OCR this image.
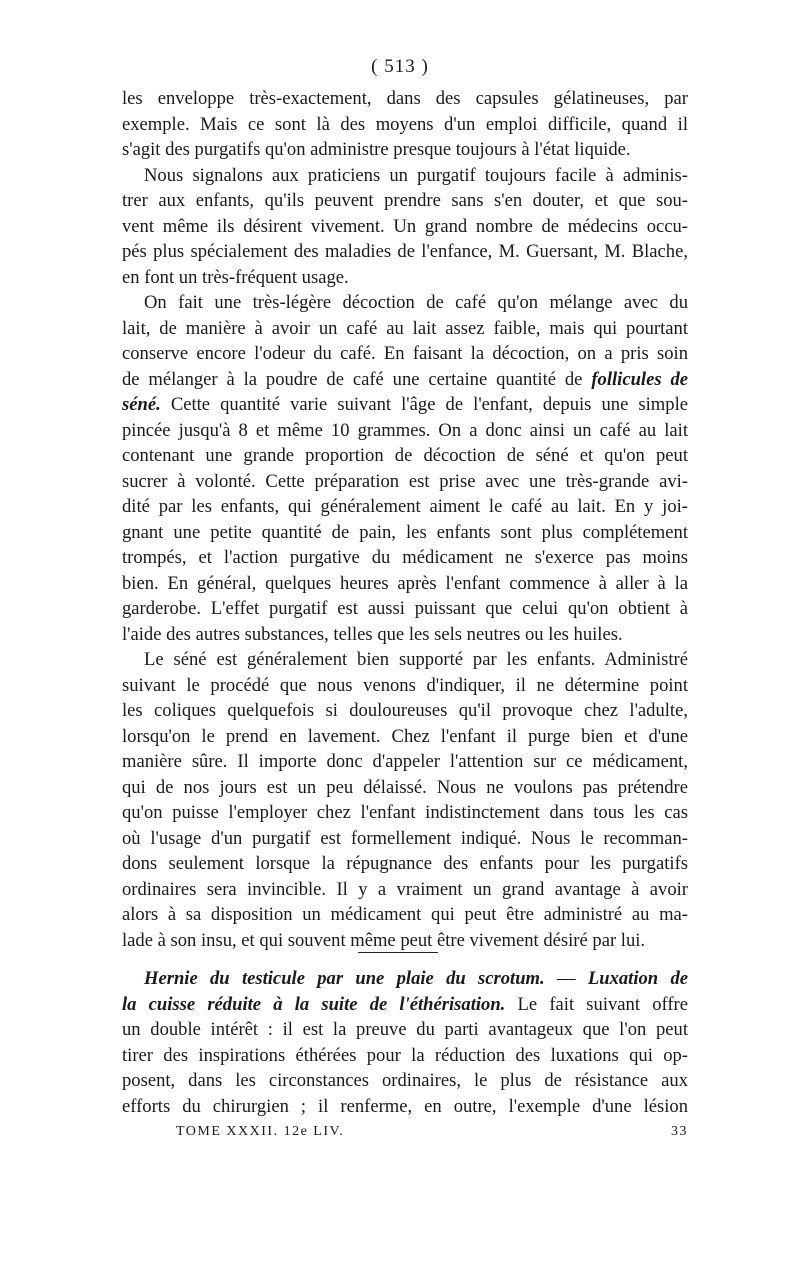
( 513 )

les enveloppe très-exactement, dans des capsules gélatineuses, par
exemple. Mais ce sont là des moyens d'un emploi difficile, quand il
s'agit des purgatifs qu'on administre presque toujours à l'état liquide.

Nous signalons aux praticiens un purgatif toujours facile à adminis-
trer aux enfants, qu'ils peuvent prendre sans s'en douter, et que sou-
vent même ils désirent vivement. Un grand nombre de médecins occu-
pés plus spécialement des maladies de l'enfance, M. Guersant, M. Blache,
en font un très-fréquent usage.

On fait une très-légère décoction de café qu'on mélange avec du
lait, de manière à avoir un café au lait assez faible, mais qui pourtant
conserve encore l'odeur du café. En faisant la décoction, on a pris soin
de mélanger à la poudre de café une certaine quantité de follicules de
séné. Cette quantité varie suivant l'âge de l'enfant, depuis une simple
pincée jusqu'à 8 et même 10 grammes. On a donc ainsi un café au lait
contenant une grande proportion de décoction de séné et qu'on peut
sucrer à volonté. Cette préparation est prise avec une très-grande avi-
dité par les enfants, qui généralement aiment le café au lait. En y joi-
gnant une petite quantité de pain, les enfants sont plus complétement
trompés, et l'action purgative du médicament ne s'exerce pas moins
bien. En général, quelques heures après l'enfant commence à aller à la
garderobe. L'effet purgatif est aussi puissant que celui qu'on obtient à
l'aide des autres substances, telles que les sels neutres ou les huiles.

Le séné est généralement bien supporté par les enfants. Administré
suivant le procédé que nous venons d'indiquer, il ne détermine point
les coliques quelquefois si douloureuses qu'il provoque chez l'adulte,
lorsqu'on le prend en lavement. Chez l'enfant il purge bien et d'une
manière sûre. Il importe donc d'appeler l'attention sur ce médicament,
qui de nos jours est un peu délaissé. Nous ne voulons pas prétendre
qu'on puisse l'employer chez l'enfant indistinctement dans tous les cas
où l'usage d'un purgatif est formellement indiqué. Nous le recomman-
dons seulement lorsque la répugnance des enfants pour les purgatifs
ordinaires sera invincible. Il y a vraiment un grand avantage à avoir
alors à sa disposition un médicament qui peut être administré au ma-
lade à son insu, et qui souvent même peut être vivement désiré par lui.

Hernie du testicule par une plaie du scrotum. — Luxation de
la cuisse réduite à la suite de l'éthérisation. Le fait suivant offre
un double intérêt : il est la preuve du parti avantageux que l'on peut
tirer des inspirations éthérées pour la réduction des luxations qui op-
posent, dans les circonstances ordinaires, le plus de résistance aux
efforts du chirurgien ; il renferme, en outre, l'exemple d'une lésion

TOME XXXII. 12e LIV.	33
